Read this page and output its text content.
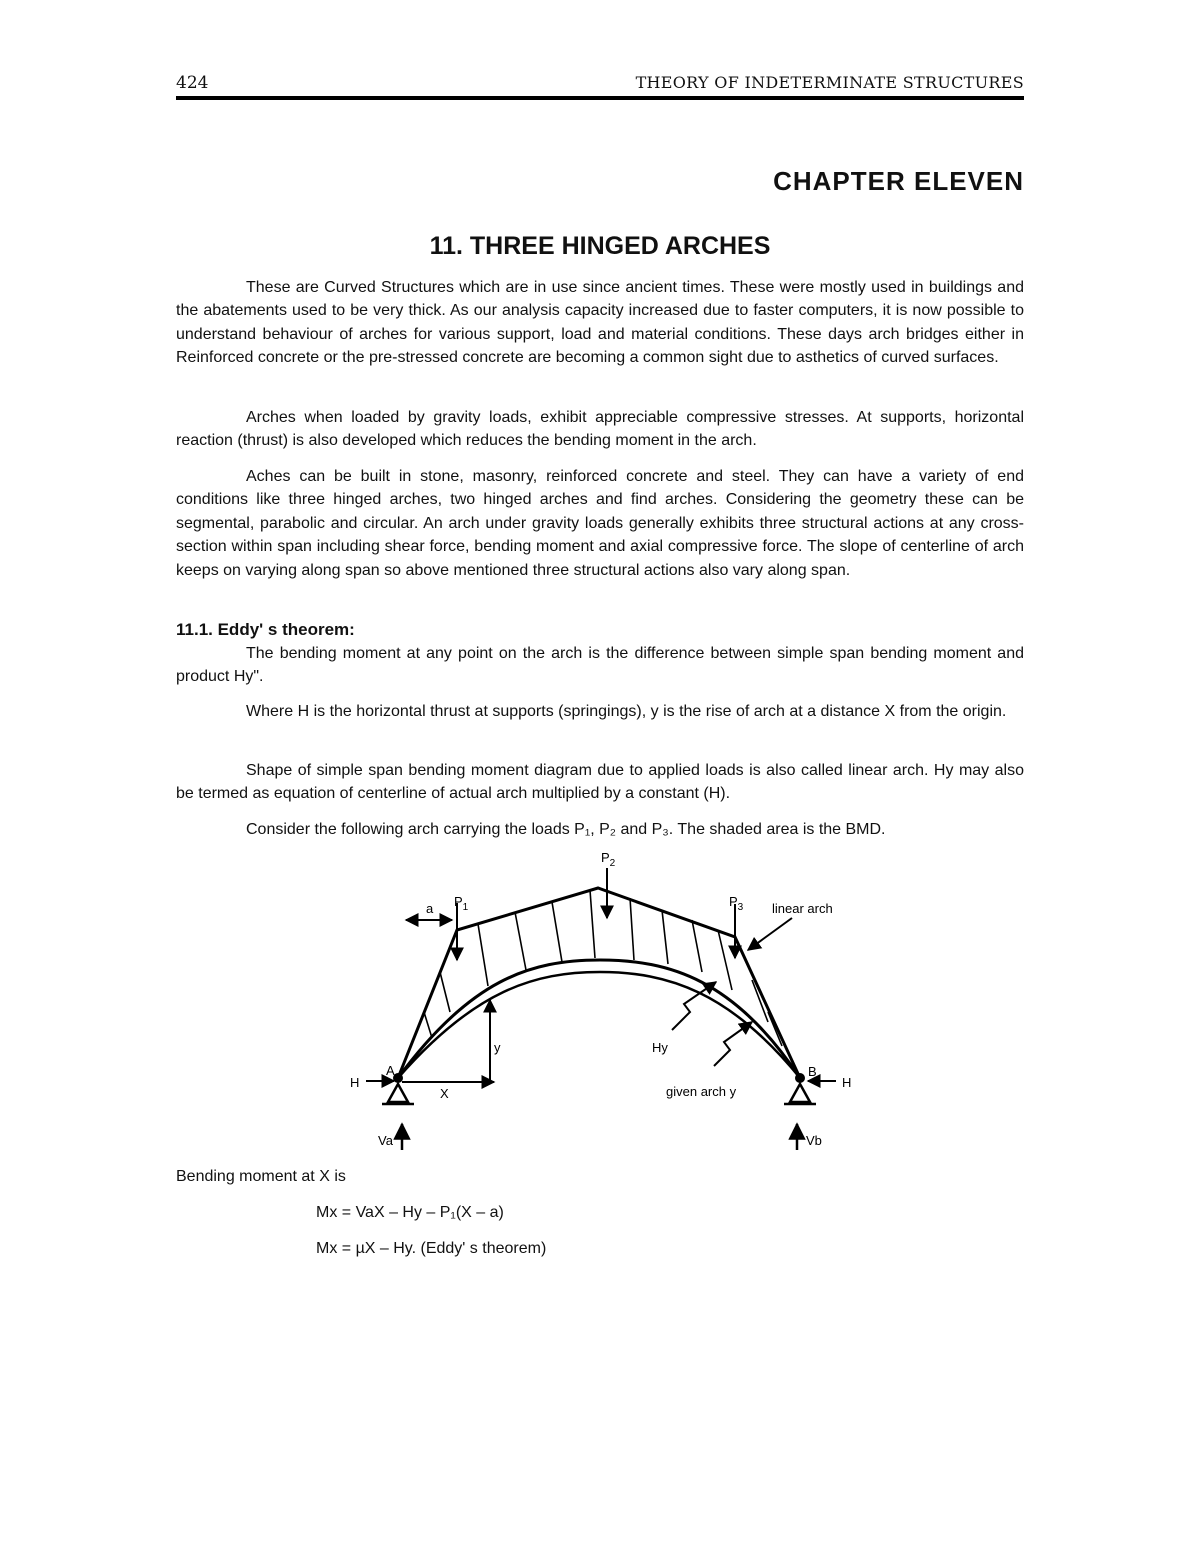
424	THEORY OF INDETERMINATE STRUCTURES
CHAPTER ELEVEN
11. THREE HINGED ARCHES

These are Curved Structures which are in use since ancient times. These were mostly used in buildings and the abatements used to be very thick. As our analysis capacity increased due to faster computers, it is now possible to understand behaviour of arches for various support, load and material conditions. These days arch bridges either in Reinforced concrete or the pre-stressed concrete are becoming a common sight due to asthetics of curved surfaces.

Arches when loaded by gravity loads, exhibit appreciable compressive stresses. At supports, horizontal reaction (thrust) is also developed which reduces the bending moment in the arch.

Aches can be built in stone, masonry, reinforced concrete and steel. They can have a variety of end conditions like three hinged arches, two hinged arches and find arches. Considering the geometry these can be segmental, parabolic and circular. An arch under gravity loads generally exhibits three structural actions at any cross-section within span including shear force, bending moment and axial compressive force. The slope of centerline of arch keeps on varying along span so above mentioned three structural actions also vary along span.

11.1. Eddy' s theorem:

The bending moment at any point on the arch is the difference between simple span bending moment and product Hy".

Where H is the horizontal thrust at supports (springings), y is the rise of arch at a distance X from the origin.

Shape of simple span bending moment diagram due to applied loads is also called linear arch. Hy may also be termed as equation of centerline of actual arch multiplied by a constant (H).

Consider the following arch carrying the loads P₁, P₂ and P₃. The shaded area is the BMD.

$P_1$
$P_2$
$P_3$
a	linear arch
y	Hy
given arch y
H	H
A	B
X
Va	Vb
Bending moment at X is
Mx = VaX – Hy – P₁(X – a)
Mx = µX – Hy. (Eddy' s theorem)
